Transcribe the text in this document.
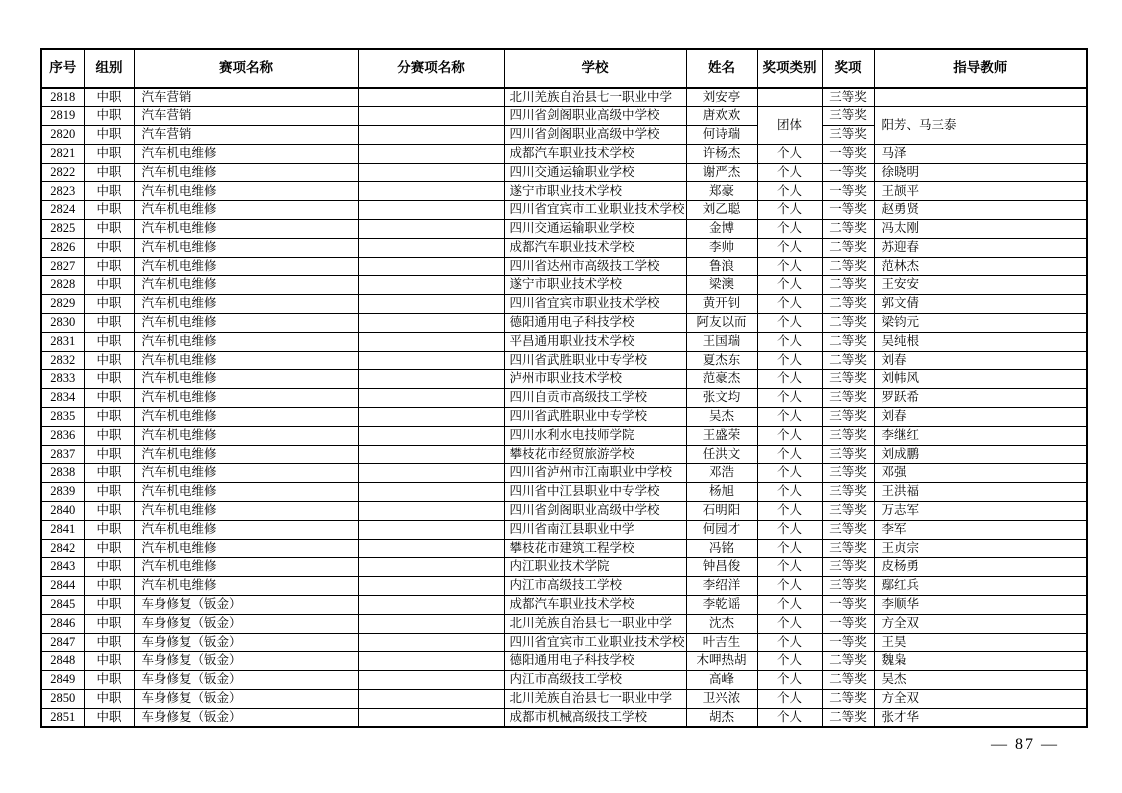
序号	组别	赛项名称	分赛项名称	学校	姓名	奖项类别	奖项	指导教师
2818	中职	汽车营销		北川羌族自治县七一职业中学	刘安亭		三等奖	
2819	中职	汽车营销		四川省剑阁职业高级中学校	唐欢欢	团体	三等奖	阳芳、马三泰
2820	中职	汽车营销		四川省剑阁职业高级中学校	何诗瑞		三等奖	
2821	中职	汽车机电维修		成都汽车职业技术学校	许杨杰	个人	一等奖	马泽
2822	中职	汽车机电维修		四川交通运输职业学校	谢严杰	个人	一等奖	徐晓明
2823	中职	汽车机电维修		遂宁市职业技术学校	郑豪	个人	一等奖	王颉平
2824	中职	汽车机电维修		四川省宜宾市工业职业技术学校	刘乙聪	个人	一等奖	赵勇贤
2825	中职	汽车机电维修		四川交通运输职业学校	金博	个人	二等奖	冯太刚
2826	中职	汽车机电维修		成都汽车职业技术学校	李帅	个人	二等奖	苏迎春
2827	中职	汽车机电维修		四川省达州市高级技工学校	鲁浪	个人	二等奖	范林杰
2828	中职	汽车机电维修		遂宁市职业技术学校	梁澳	个人	二等奖	王安安
2829	中职	汽车机电维修		四川省宜宾市职业技术学校	黄开钊	个人	二等奖	郭文倩
2830	中职	汽车机电维修		德阳通用电子科技学校	阿友以而	个人	二等奖	梁钧元
2831	中职	汽车机电维修		平昌通用职业技术学校	王国瑞	个人	二等奖	吴纯根
2832	中职	汽车机电维修		四川省武胜职业中专学校	夏杰东	个人	二等奖	刘春
2833	中职	汽车机电维修		泸州市职业技术学校	范豪杰	个人	三等奖	刘帏风
2834	中职	汽车机电维修		四川自贡市高级技工学校	张文均	个人	三等奖	罗跃希
2835	中职	汽车机电维修		四川省武胜职业中专学校	吴杰	个人	三等奖	刘春
2836	中职	汽车机电维修		四川水利水电技师学院	王盛荣	个人	三等奖	李继红
2837	中职	汽车机电维修		攀枝花市经贸旅游学校	任洪文	个人	三等奖	刘成鹏
2838	中职	汽车机电维修		四川省泸州市江南职业中学校	邓浩	个人	三等奖	邓强
2839	中职	汽车机电维修		四川省中江县职业中专学校	杨旭	个人	三等奖	王洪福
2840	中职	汽车机电维修		四川省剑阁职业高级中学校	石明阳	个人	三等奖	万志军
2841	中职	汽车机电维修		四川省南江县职业中学	何园才	个人	三等奖	李军
2842	中职	汽车机电维修		攀枝花市建筑工程学校	冯铭	个人	三等奖	王贞宗
2843	中职	汽车机电维修		内江职业技术学院	钟昌俊	个人	三等奖	皮杨勇
2844	中职	汽车机电维修		内江市高级技工学校	李绍洋	个人	三等奖	鄢红兵
2845	中职	车身修复（钣金）		成都汽车职业技术学校	李乾谣	个人	一等奖	李顺华
2846	中职	车身修复（钣金）		北川羌族自治县七一职业中学	沈杰	个人	一等奖	方全双
2847	中职	车身修复（钣金）		四川省宜宾市工业职业技术学校	叶吉生	个人	一等奖	王昊
2848	中职	车身修复（钣金）		德阳通用电子科技学校	木呷热胡	个人	二等奖	魏枭
2849	中职	车身修复（钣金）		内江市高级技工学校	高峰	个人	二等奖	吴杰
2850	中职	车身修复（钣金）		北川羌族自治县七一职业中学	卫兴浓	个人	二等奖	方全双
2851	中职	车身修复（钣金）		成都市机械高级技工学校	胡杰	个人	二等奖	张才华
— 87 —
